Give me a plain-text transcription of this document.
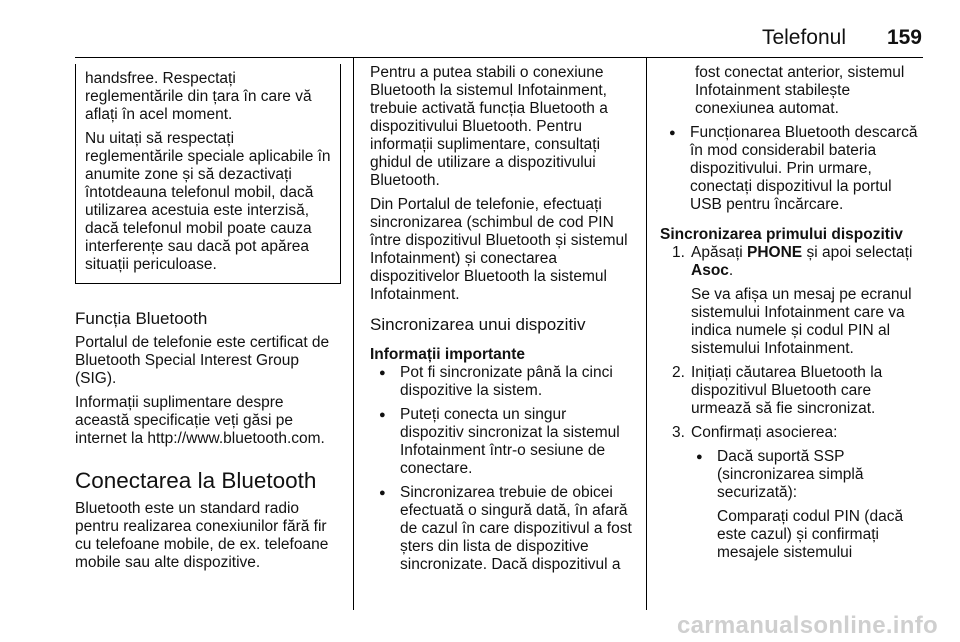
Telefonul 159

handsfree. Respectați reglementările din țara în care vă aflați în acel moment.

Nu uitați să respectați reglementările speciale aplicabile în anumite zone și să dezactivați întotdeauna telefonul mobil, dacă utilizarea acestuia este interzisă, dacă telefonul mobil poate cauza interferențe sau dacă pot apărea situații periculoase.

Funcția Bluetooth

Portalul de telefonie este certificat de Bluetooth Special Interest Group (SIG).

Informații suplimentare despre această specificație veți găsi pe internet la http://www.bluetooth.com.

Conectarea la Bluetooth

Bluetooth este un standard radio pentru realizarea conexiunilor fără fir cu telefoane mobile, de ex. telefoane mobile sau alte dispozitive.

Pentru a putea stabili o conexiune Bluetooth la sistemul Infotainment, trebuie activată funcția Bluetooth a dispozitivului Bluetooth. Pentru informații suplimentare, consultați ghidul de utilizare a dispozitivului Bluetooth.

Din Portalul de telefonie, efectuați sincronizarea (schimbul de cod PIN între dispozitivul Bluetooth și sistemul Infotainment) și conectarea dispozitivelor Bluetooth la sistemul Infotainment.

Sincronizarea unui dispozitiv
Informații importante
● Pot fi sincronizate până la cinci dispozitive la sistem.
● Puteți conecta un singur dispozitiv sincronizat la sistemul Infotainment într-o sesiune de conectare.
● Sincronizarea trebuie de obicei efectuată o singură dată, în afară de cazul în care dispozitivul a fost șters din lista de dispozitive sincronizate. Dacă dispozitivul a

fost conectat anterior, sistemul Infotainment stabilește conexiunea automat.

● Funcționarea Bluetooth descarcă în mod considerabil bateria dispozitivului. Prin urmare, conectați dispozitivul la portul USB pentru încărcare.
Sincronizarea primului dispozitiv
1. Apăsați PHONE și apoi selectați Asoc.

Se va afișa un mesaj pe ecranul sistemului Infotainment care va indica numele și codul PIN al sistemului Infotainment.

2. Inițiați căutarea Bluetooth la dispozitivul Bluetooth care urmează să fie sincronizat.
3. Confirmați asocierea:
● Dacă suportă SSP (sincronizarea simplă securizată):

Comparați codul PIN (dacă este cazul) și confirmați mesajele sistemului

carmanualsonline.info
